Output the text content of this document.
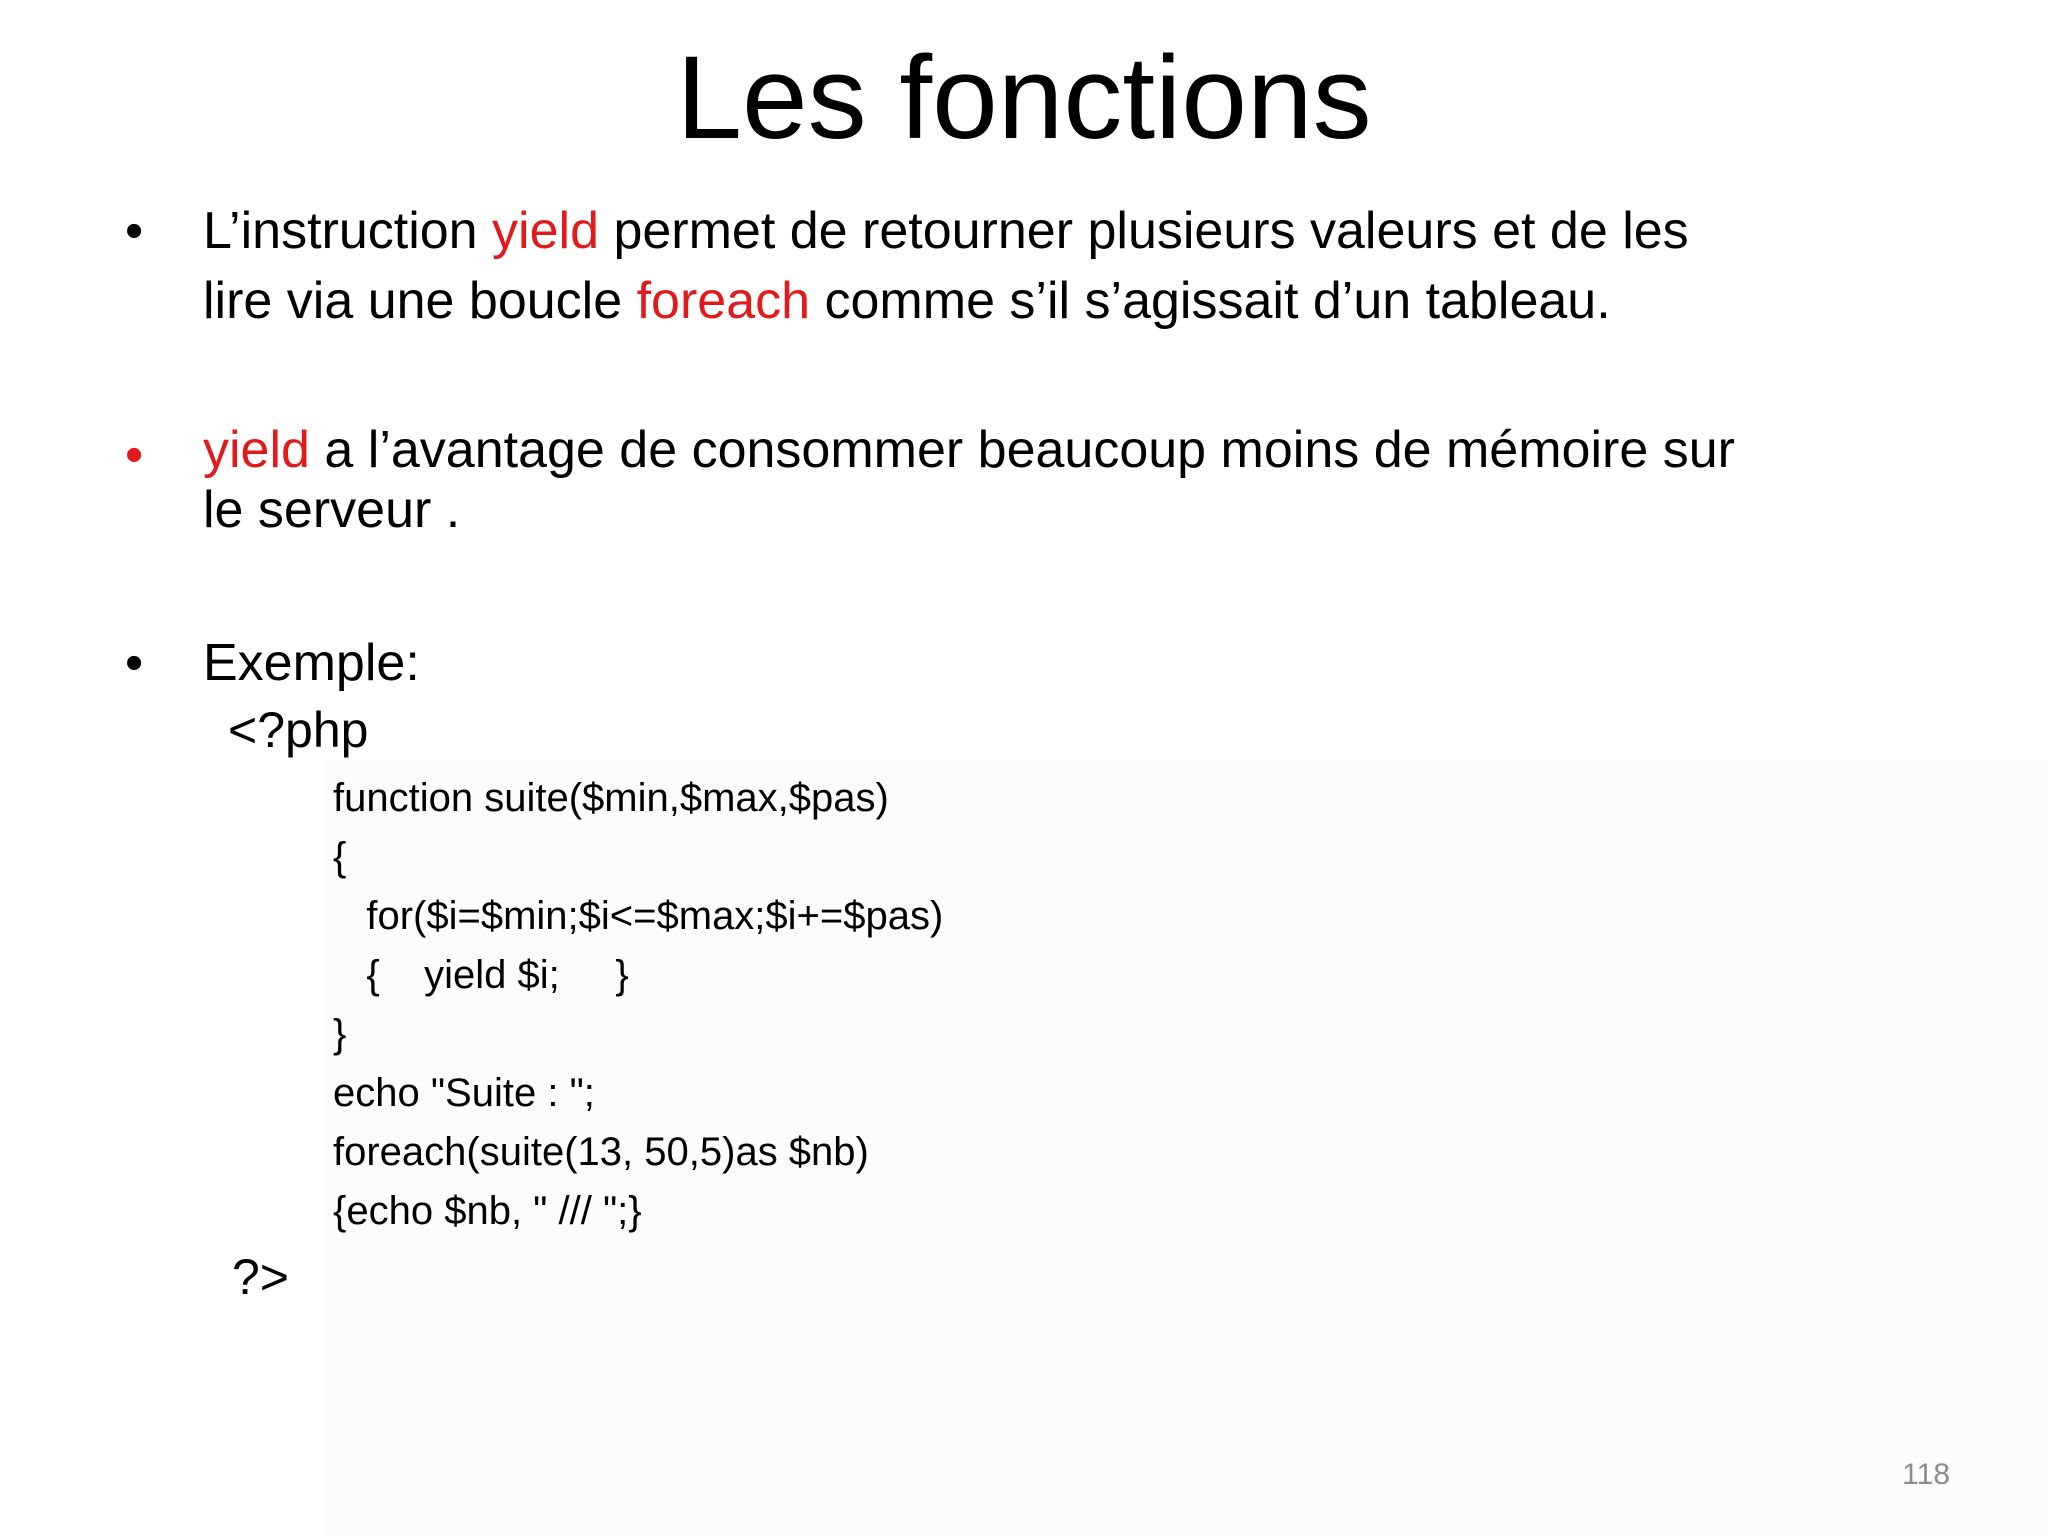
Les fonctions
• L’instruction yield permet de retourner plusieurs valeurs et de les
lire via une boucle foreach comme s’il s’agissait d’un tableau.
• yield a l’avantage de consommer beaucoup moins de mémoire sur
le serveur .
• Exemple:
<?php
function suite($min,$max,$pas)
{
for($i=$min;$i<=$max;$i+=$pas)
{    yield $i;     }
}
echo "Suite : ";
foreach(suite(13, 50,5)as $nb)
{echo $nb, " /// ";}
?>
118
